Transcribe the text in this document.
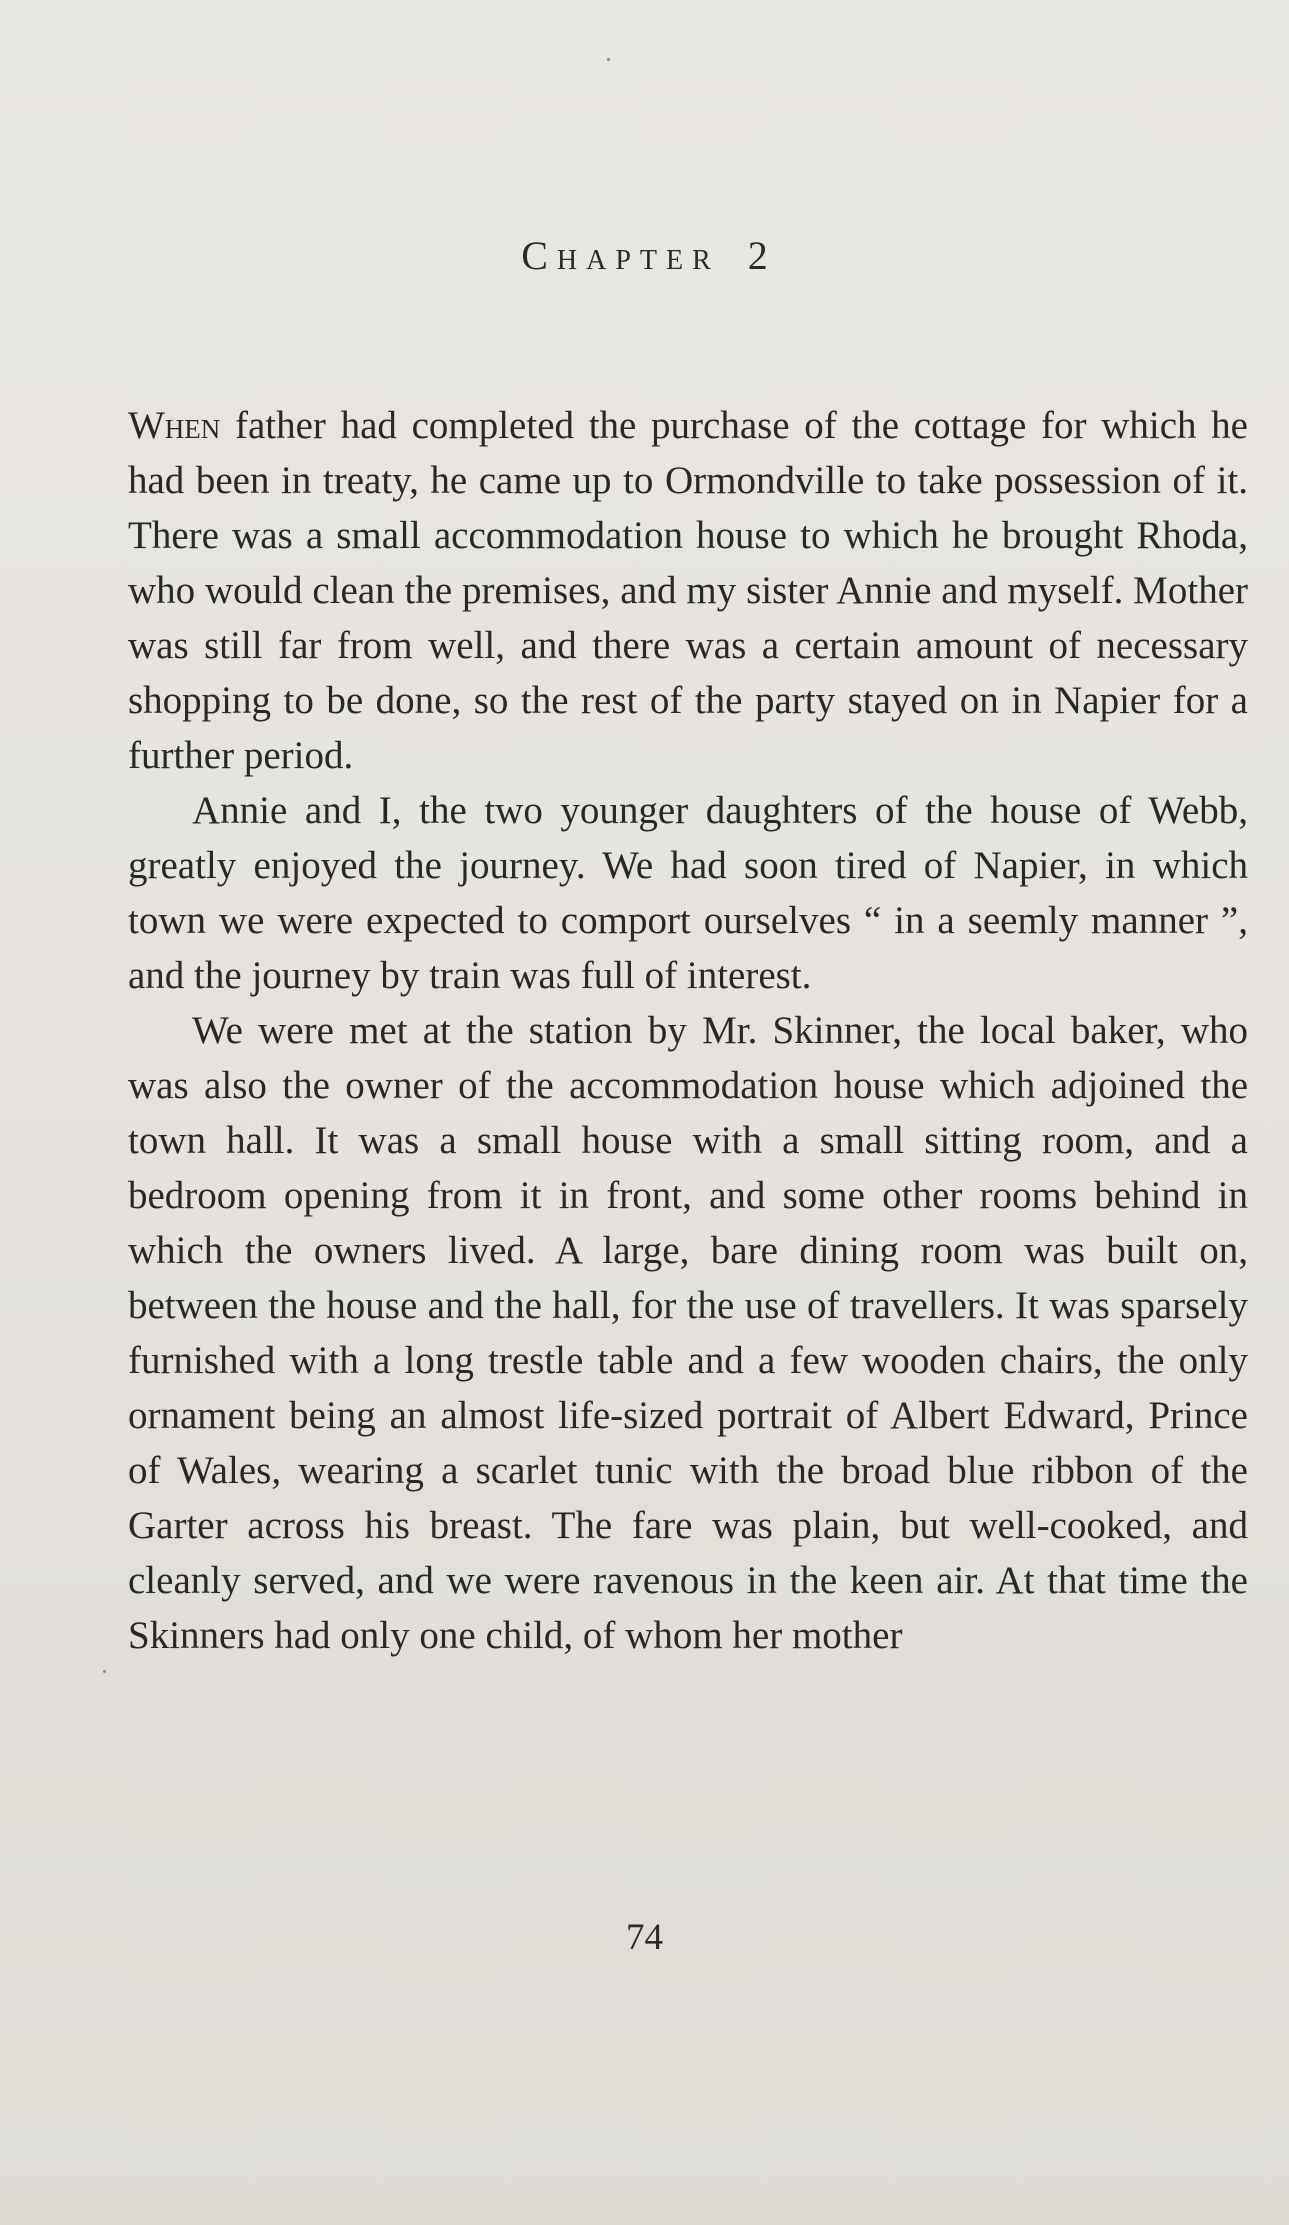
Chapter 2

When father had completed the purchase of the cottage for which he had been in treaty, he came up to Ormondville to take possession of it. There was a small accommodation house to which he brought Rhoda, who would clean the premises, and my sister Annie and myself. Mother was still far from well, and there was a certain amount of necessary shopping to be done, so the rest of the party stayed on in Napier for a further period.

Annie and I, the two younger daughters of the house of Webb, greatly enjoyed the journey. We had soon tired of Napier, in which town we were expected to comport ourselves “ in a seemly manner ”, and the journey by train was full of interest.

We were met at the station by Mr. Skinner, the local baker, who was also the owner of the accommodation house which adjoined the town hall. It was a small house with a small sitting room, and a bedroom opening from it in front, and some other rooms behind in which the owners lived. A large, bare dining room was built on, between the house and the hall, for the use of travellers. It was sparsely furnished with a long trestle table and a few wooden chairs, the only ornament being an almost life-sized portrait of Albert Edward, Prince of Wales, wearing a scarlet tunic with the broad blue ribbon of the Garter across his breast. The fare was plain, but well-cooked, and cleanly served, and we were ravenous in the keen air. At that time the Skinners had only one child, of whom her mother

74
